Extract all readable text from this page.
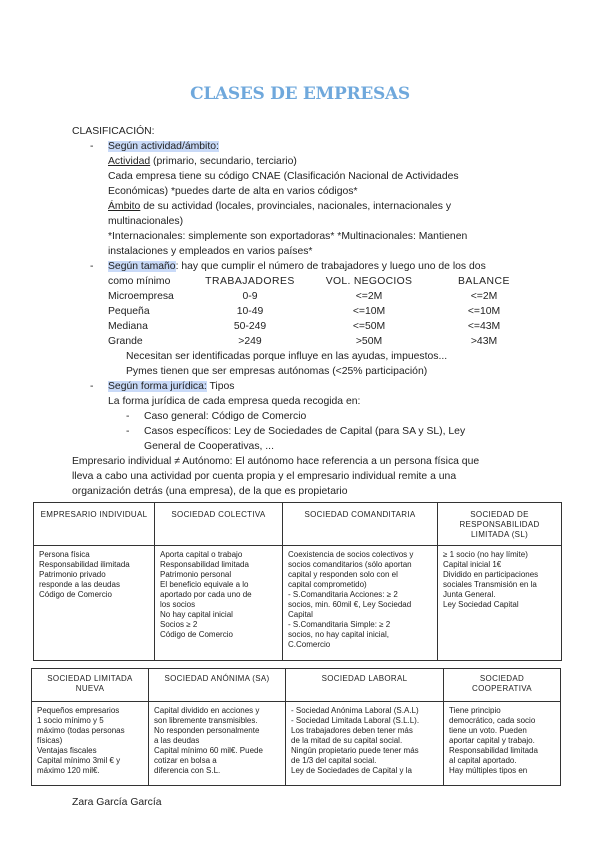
CLASES DE EMPRESAS
CLASIFICACIÓN:
- Según actividad/ámbito:
Actividad (primario, secundario, terciario)
Cada empresa tiene su código CNAE (Clasificación Nacional de Actividades
Económicas) *puedes darte de alta en varios códigos*
Ámbito de su actividad (locales, provinciales, nacionales, internacionales y
multinacionales)
*Internacionales: simplemente son exportadoras* *Multinacionales: Mantienen
instalaciones y empleados en varios países*
- Según tamaño: hay que cumplir el número de trabajadores y luego uno de los dos
como mínimo	TRABAJADORES	VOL. NEGOCIOS	BALANCE
Microempresa	0-9	<=2M	<=2M
Pequeña	10-49	<=10M	<=10M
Mediana	50-249	<=50M	<=43M
Grande	>249	>50M	>43M
Necesitan ser identificadas porque influye en las ayudas, impuestos...
Pymes tienen que ser empresas autónomas (<25% participación)
- Según forma jurídica: Tipos
La forma jurídica de cada empresa queda recogida en:
- Caso general: Código de Comercio
- Casos específicos: Ley de Sociedades de Capital (para SA y SL), Ley
General de Cooperativas, ...
Empresario individual ≠ Autónomo: El autónomo hace referencia a un persona física que
lleva a cabo una actividad por cuenta propia y el empresario individual remite a una
organización detrás (una empresa), de la que es propietario
EMPRESARIO INDIVIDUAL	SOCIEDAD COLECTIVA	SOCIEDAD COMANDITARIA	SOCIEDAD DE RESPONSABILIDAD LIMITADA (SL)

Persona física
Responsabilidad ilimitada
Patrimonio privado
responde a las deudas
Código de Comercio

Aporta capital o trabajo
Responsabilidad limitada
Patrimonio personal
El beneficio equivale a lo
aportado por cada uno de
los socios
No hay capital inicial
Socios ≥ 2
Código de Comercio

Coexistencia de socios colectivos y
socios comanditarios (sólo aportan
capital y responden solo con el
capital comprometido)
- S.Comanditaria Acciones: ≥ 2
socios, min. 60mil €, Ley Sociedad
Capital
- S.Comanditaria Simple: ≥ 2
socios, no hay capital inicial,
C.Comercio

≥ 1 socio (no hay límite)
Capital inicial 1€
Dividido en participaciones
sociales Transmisión en la
Junta General.
Ley Sociedad Capital
SOCIEDAD LIMITADA NUEVA	SOCIEDAD ANÓNIMA (SA)	SOCIEDAD LABORAL	SOCIEDAD COOPERATIVA

Pequeños empresarios
1 socio mínimo y 5
máximo (todas personas
físicas)
Ventajas fiscales
Capital mínimo 3mil € y
máximo 120 mil€.

Capital dividido en acciones y
son libremente transmisibles.
No responden personalmente
a las deudas
Capital mínimo 60 mil€. Puede
cotizar en bolsa a
diferencia con S.L.

- Sociedad Anónima Laboral (S.A.L)
- Sociedad Limitada Laboral (S.L.L).
Los trabajadores deben tener más
de la mitad de su capital social.
Ningún propietario puede tener más
de 1/3 del capital social.
Ley de Sociedades de Capital y la

Tiene principio
democrático, cada socio
tiene un voto. Pueden
aportar capital y trabajo.
Responsabilidad limitada
al capital aportado.
Hay múltiples tipos en
Zara García García
